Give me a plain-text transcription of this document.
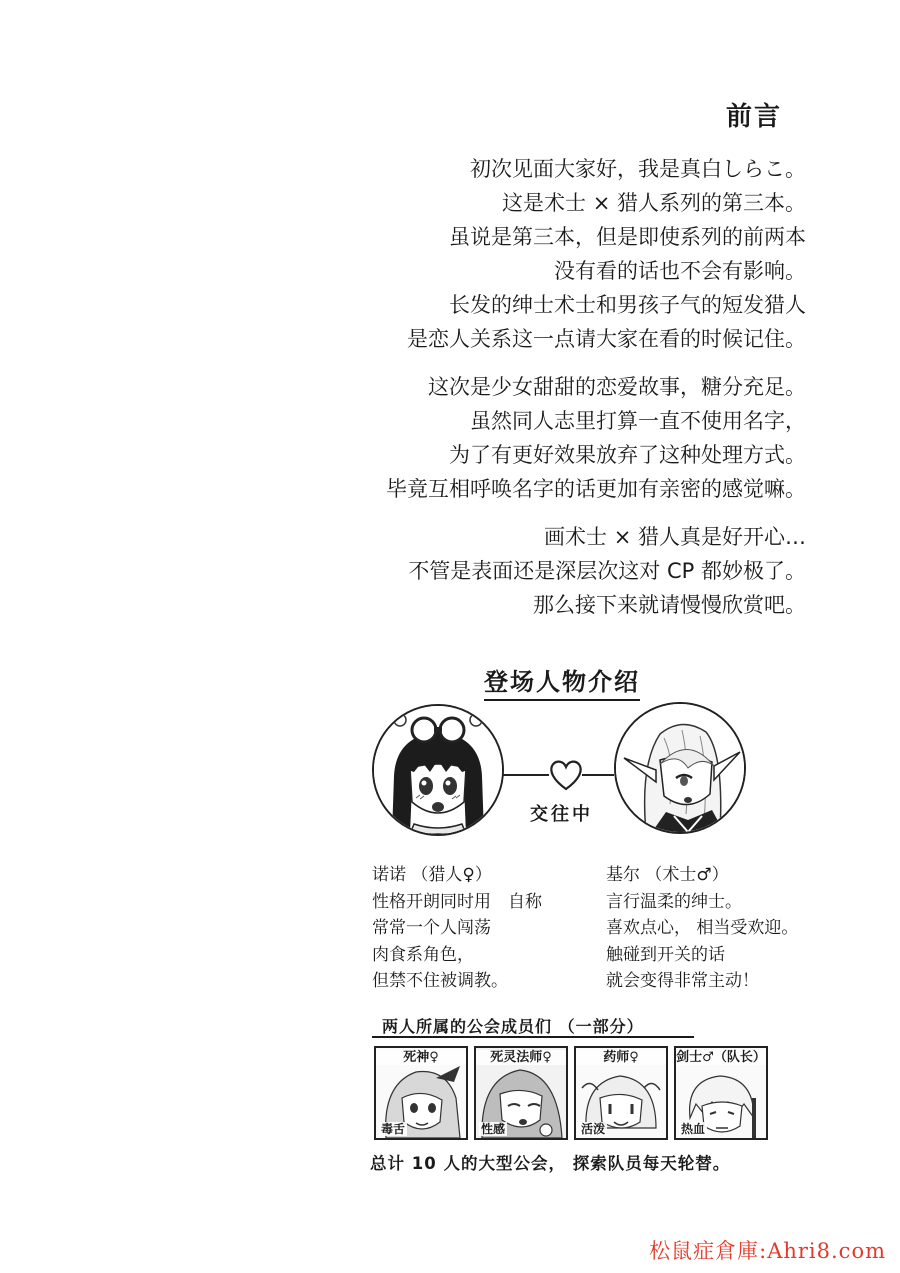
前言
初次见面大家好，我是真白しらこ。
这是术士 × 猎人系列的第三本。
虽说是第三本，但是即使系列的前两本
没有看的话也不会有影响。
长发的绅士术士和男孩子气的短发猎人
是恋人关系这一点请大家在看的时候记住。
这次是少女甜甜的恋爱故事，糖分充足。
虽然同人志里打算一直不使用名字，
为了有更好效果放弃了这种处理方式。
毕竟互相呼唤名字的话更加有亲密的感觉嘛。
画术士 × 猎人真是好开心…
不管是表面还是深层次这对 CP 都妙极了。
那么接下来就请慢慢欣赏吧。
登场人物介绍
交往中
诺诺 （猎人♀）
性格开朗同时用　自称
常常一个人闯荡
肉食系角色，
但禁不住被调教。
基尔 （术士♂）
言行温柔的绅士。
喜欢点心， 相当受欢迎。
触碰到开关的话
就会变得非常主动！
两人所属的公会成员们 （一部分）
死神♀
毒舌
死灵法师♀
性感
药师♀
活泼
剑士♂（队长）
热血
总计 10 人的大型公会， 探索队员每天轮替。
松鼠症倉庫:Ahri8.com
